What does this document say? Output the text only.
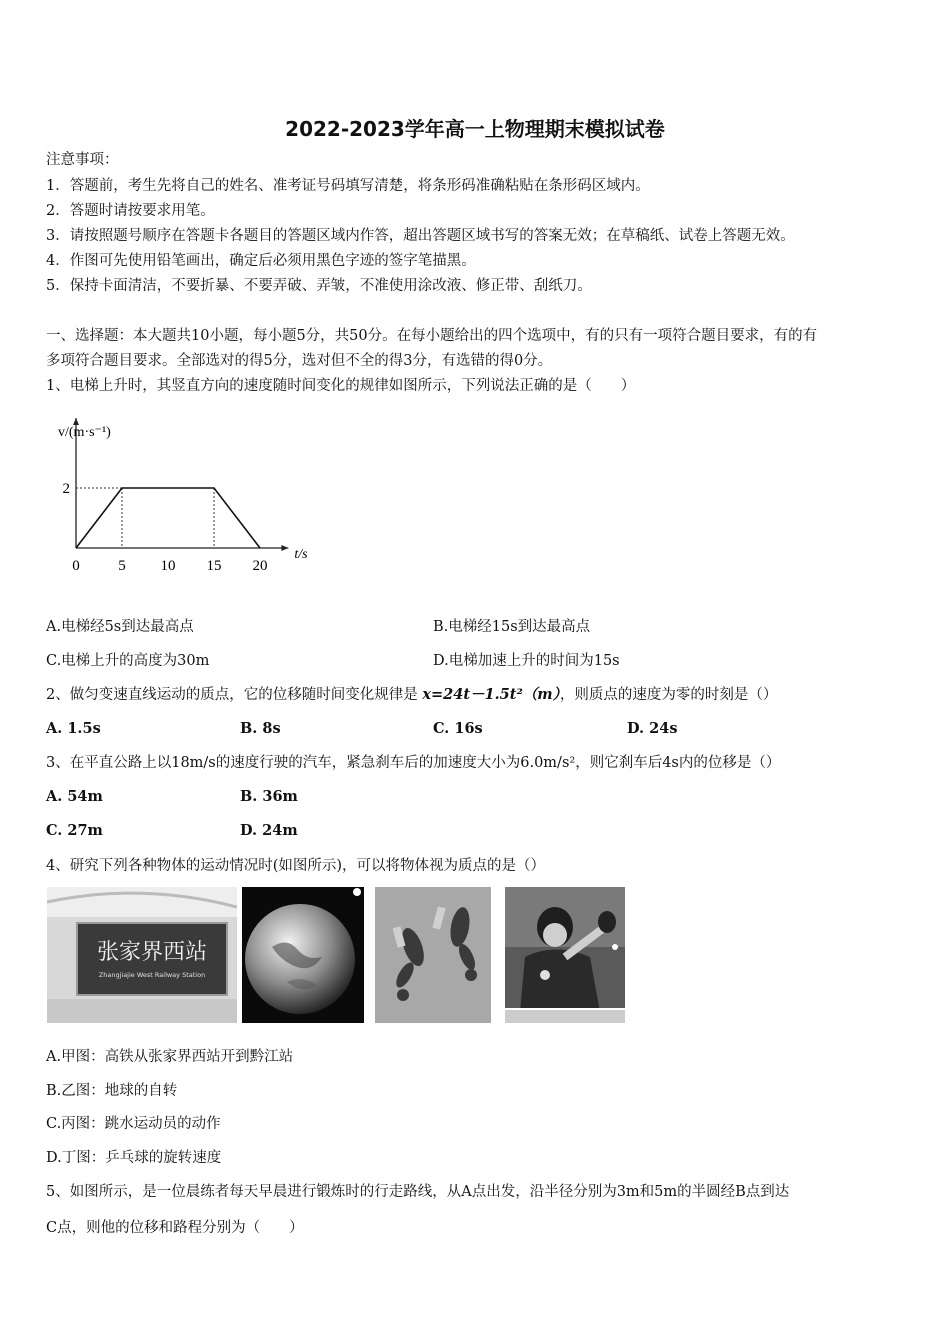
2022-2023学年高一上物理期末模拟试卷
注意事项：
1．答题前，考生先将自己的姓名、准考证号码填写清楚，将条形码准确粘贴在条形码区域内。
2．答题时请按要求用笔。
3．请按照题号顺序在答题卡各题目的答题区域内作答，超出答题区域书写的答案无效；在草稿纸、试卷上答题无效。
4．作图可先使用铅笔画出，确定后必须用黑色字迹的签字笔描黑。
5．保持卡面清洁，不要折暴、不要弄破、弄皱，不准使用涂改液、修正带、刮纸刀。
一、选择题：本大题共10小题，每小题5分，共50分。在每小题给出的四个选项中，有的只有一项符合题目要求，有的有
多项符合题目要求。全部选对的得5分，选对但不全的得3分，有选错的得0分。
1、电梯上升时，其竖直方向的速度随时间变化的规律如图所示，下列说法正确的是（　　）
0	5 10 15 20
2
t/s
v/(m·s⁻¹)
A.电梯经5s到达最高点	B.电梯经15s到达最高点
C.电梯上升的高度为30m	D.电梯加速上升的时间为15s
2、做匀变速直线运动的质点，它的位移随时间变化规律是 x=24t－1.5t²（m），则质点的速度为零的时刻是（）
A. 1.5s	B. 8s	C. 16s	D. 24s
3、在平直公路上以18m/s的速度行驶的汽车，紧急刹车后的加速度大小为6.0m/s²，则它刹车后4s内的位移是（）
A. 54m	B. 36m
C. 27m	D. 24m
4、研究下列各种物体的运动情况时(如图所示)，可以将物体视为质点的是（）
张家界西站
Zhangjiajie West Railway Station
A.甲图：高铁从张家界西站开到黔江站
B.乙图：地球的自转
C.丙图：跳水运动员的动作
D.丁图：乒乓球的旋转速度
5、如图所示，是一位晨练者每天早晨进行锻炼时的行走路线，从A点出发，沿半径分别为3m和5m的半圆经B点到达
C点，则他的位移和路程分别为（　　）
